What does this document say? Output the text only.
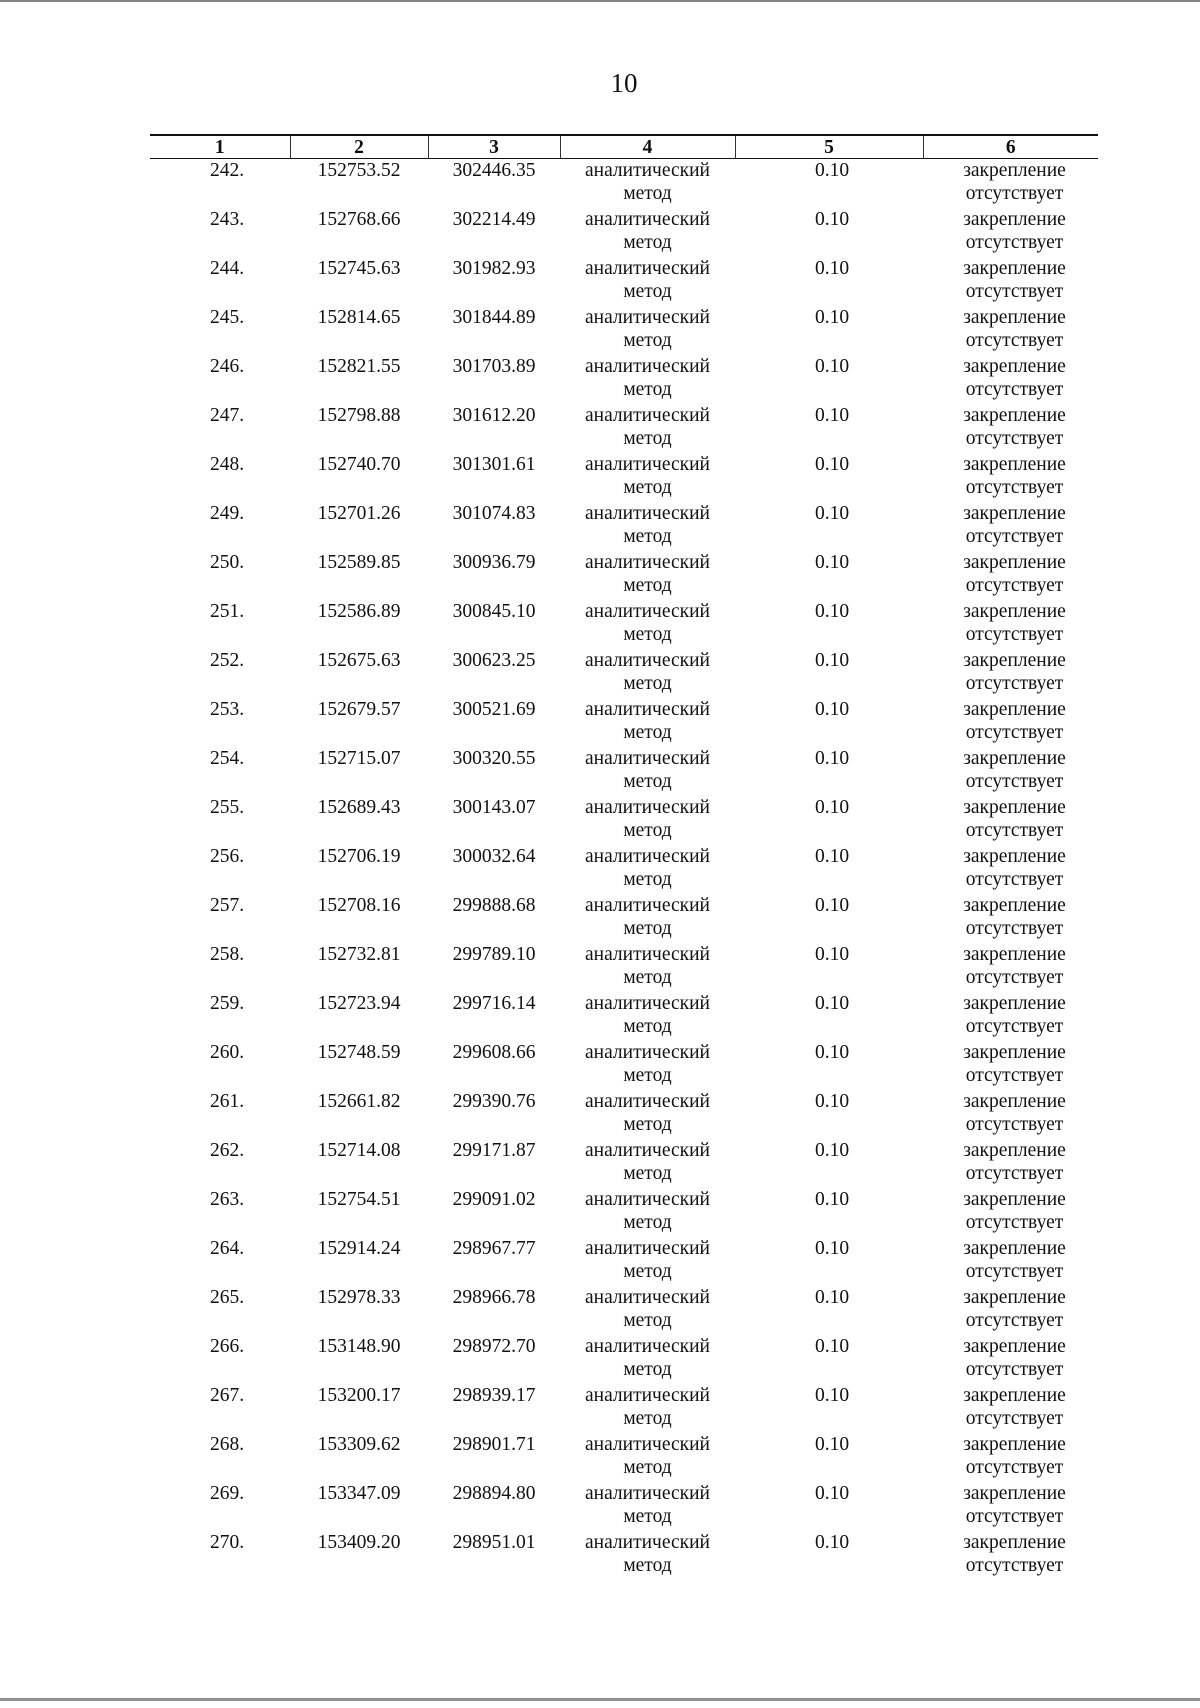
10
1	2	3	4	5	6
242.	152753.52	302446.35	аналитический метод	0.10	закрепление отсутствует
243.	152768.66	302214.49	аналитический метод	0.10	закрепление отсутствует
244.	152745.63	301982.93	аналитический метод	0.10	закрепление отсутствует
245.	152814.65	301844.89	аналитический метод	0.10	закрепление отсутствует
246.	152821.55	301703.89	аналитический метод	0.10	закрепление отсутствует
247.	152798.88	301612.20	аналитический метод	0.10	закрепление отсутствует
248.	152740.70	301301.61	аналитический метод	0.10	закрепление отсутствует
249.	152701.26	301074.83	аналитический метод	0.10	закрепление отсутствует
250.	152589.85	300936.79	аналитический метод	0.10	закрепление отсутствует
251.	152586.89	300845.10	аналитический метод	0.10	закрепление отсутствует
252.	152675.63	300623.25	аналитический метод	0.10	закрепление отсутствует
253.	152679.57	300521.69	аналитический метод	0.10	закрепление отсутствует
254.	152715.07	300320.55	аналитический метод	0.10	закрепление отсутствует
255.	152689.43	300143.07	аналитический метод	0.10	закрепление отсутствует
256.	152706.19	300032.64	аналитический метод	0.10	закрепление отсутствует
257.	152708.16	299888.68	аналитический метод	0.10	закрепление отсутствует
258.	152732.81	299789.10	аналитический метод	0.10	закрепление отсутствует
259.	152723.94	299716.14	аналитический метод	0.10	закрепление отсутствует
260.	152748.59	299608.66	аналитический метод	0.10	закрепление отсутствует
261.	152661.82	299390.76	аналитический метод	0.10	закрепление отсутствует
262.	152714.08	299171.87	аналитический метод	0.10	закрепление отсутствует
263.	152754.51	299091.02	аналитический метод	0.10	закрепление отсутствует
264.	152914.24	298967.77	аналитический метод	0.10	закрепление отсутствует
265.	152978.33	298966.78	аналитический метод	0.10	закрепление отсутствует
266.	153148.90	298972.70	аналитический метод	0.10	закрепление отсутствует
267.	153200.17	298939.17	аналитический метод	0.10	закрепление отсутствует
268.	153309.62	298901.71	аналитический метод	0.10	закрепление отсутствует
269.	153347.09	298894.80	аналитический метод	0.10	закрепление отсутствует
270.	153409.20	298951.01	аналитический метод	0.10	закрепление отсутствует
